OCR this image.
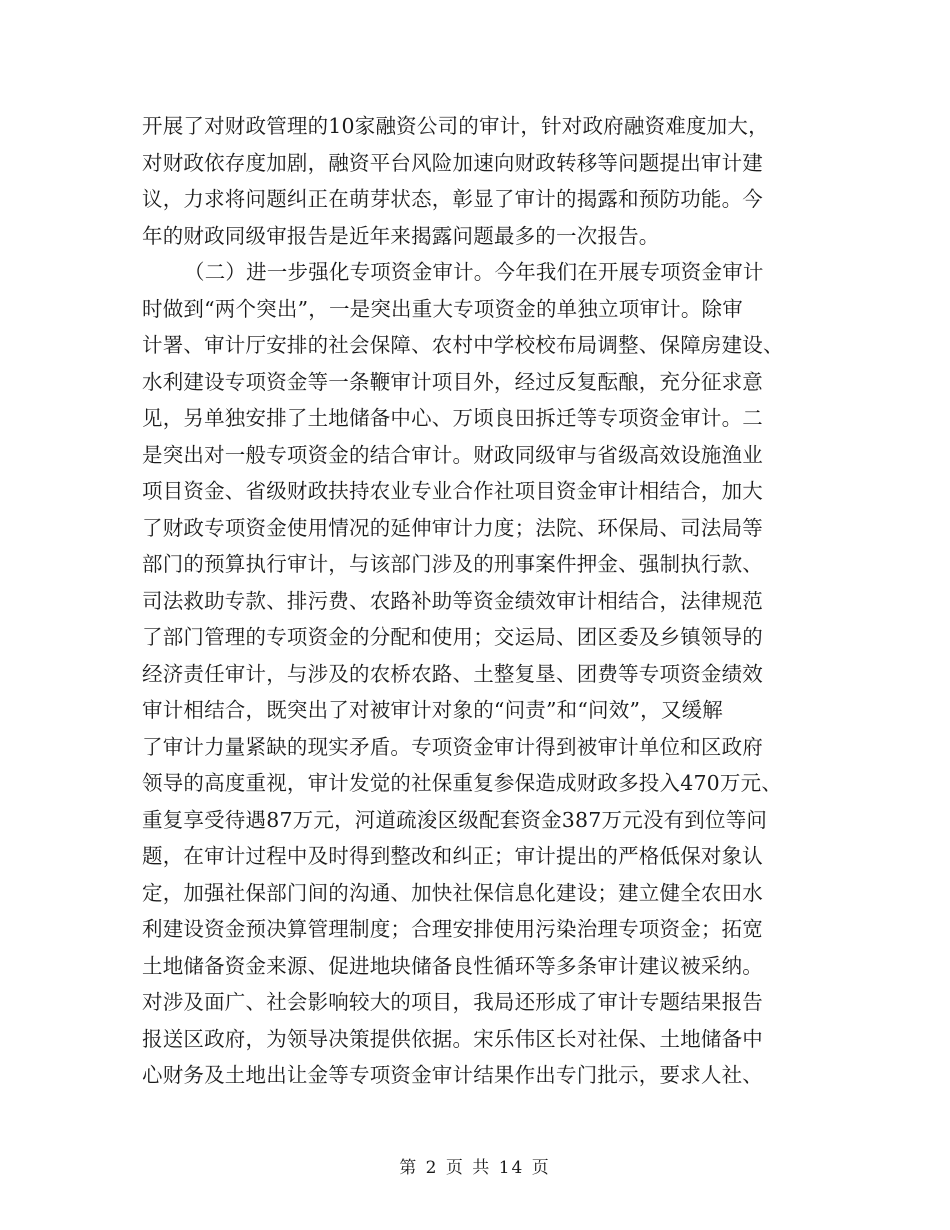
开展了对财政管理的10家融资公司的审计，针对政府融资难度加大，
对财政依存度加剧，融资平台风险加速向财政转移等问题提出审计建
议，力求将问题纠正在萌芽状态，彰显了审计的揭露和预防功能。今
年的财政同级审报告是近年来揭露问题最多的一次报告。
（二）进一步强化专项资金审计。今年我们在开展专项资金审计
时做到“两个突出”，一是突出重大专项资金的单独立项审计。除审
计署、审计厅安排的社会保障、农村中学校校布局调整、保障房建设、
水利建设专项资金等一条鞭审计项目外，经过反复酝酿，充分征求意
见，另单独安排了土地储备中心、万顷良田拆迁等专项资金审计。二
是突出对一般专项资金的结合审计。财政同级审与省级高效设施渔业
项目资金、省级财政扶持农业专业合作社项目资金审计相结合，加大
了财政专项资金使用情况的延伸审计力度；法院、环保局、司法局等
部门的预算执行审计，与该部门涉及的刑事案件押金、强制执行款、
司法救助专款、排污费、农路补助等资金绩效审计相结合，法律规范
了部门管理的专项资金的分配和使用；交运局、团区委及乡镇领导的
经济责任审计，与涉及的农桥农路、土整复垦、团费等专项资金绩效
审计相结合，既突出了对被审计对象的“问责”和“问效”，又缓解
了审计力量紧缺的现实矛盾。专项资金审计得到被审计单位和区政府
领导的高度重视，审计发觉的社保重复参保造成财政多投入470万元、
重复享受待遇87万元，河道疏浚区级配套资金387万元没有到位等问
题，在审计过程中及时得到整改和纠正；审计提出的严格低保对象认
定，加强社保部门间的沟通、加快社保信息化建设；建立健全农田水
利建设资金预决算管理制度；合理安排使用污染治理专项资金；拓宽
土地储备资金来源、促进地块储备良性循环等多条审计建议被采纳。
对涉及面广、社会影响较大的项目，我局还形成了审计专题结果报告
报送区政府，为领导决策提供依据。宋乐伟区长对社保、土地储备中
心财务及土地出让金等专项资金审计结果作出专门批示，要求人社、
第 2 页 共 14 页
